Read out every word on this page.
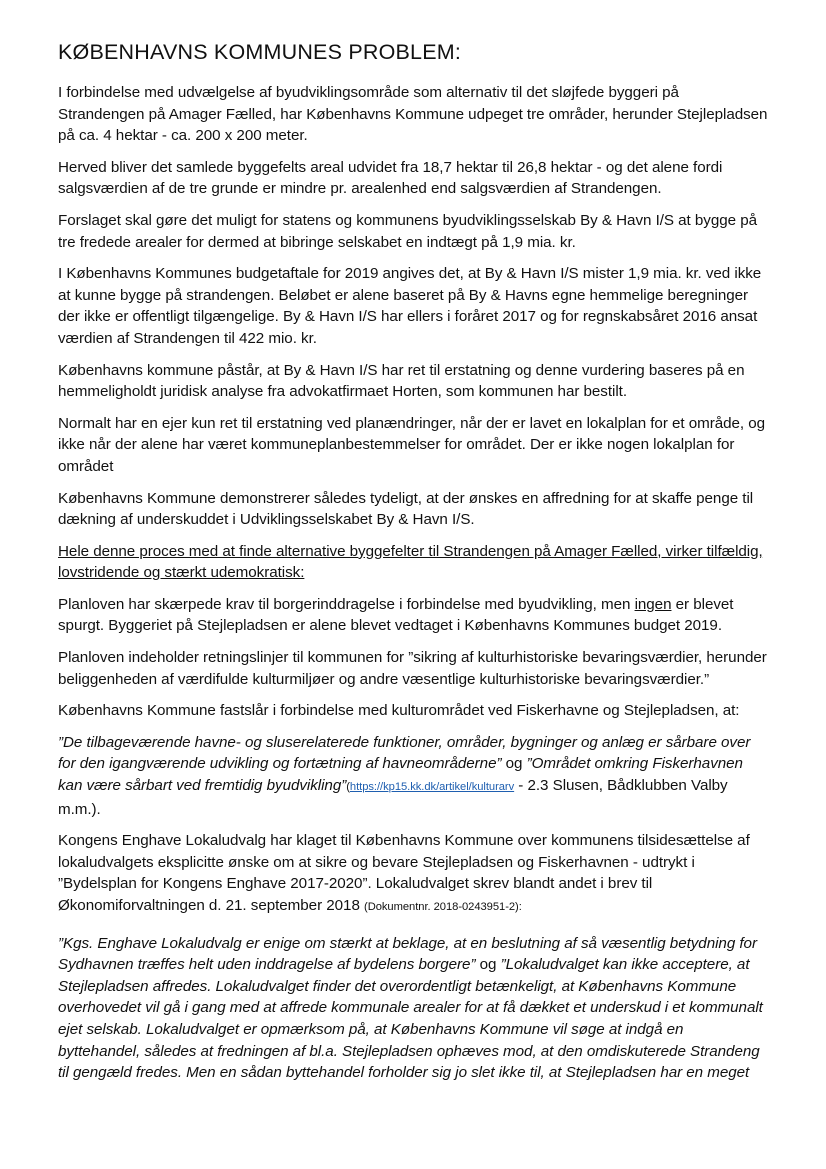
KØBENHAVNS KOMMUNES PROBLEM:

I forbindelse med udvælgelse af byudviklingsområde som alternativ til det sløjfede byggeri på Strandengen på Amager Fælled, har Københavns Kommune udpeget tre områder, herunder Stejlepladsen på ca. 4 hektar - ca. 200 x 200 meter.

Herved bliver det samlede byggefelts areal udvidet fra 18,7 hektar til 26,8 hektar - og det alene fordi salgsværdien af de tre grunde er mindre pr. arealenhed end salgsværdien af Strandengen.

Forslaget skal gøre det muligt for statens og kommunens byudviklingsselskab By & Havn I/S at bygge på tre fredede arealer for dermed at bibringe selskabet en indtægt på 1,9 mia. kr.

I Københavns Kommunes budgetaftale for 2019 angives det, at By & Havn I/S mister 1,9 mia. kr. ved ikke at kunne bygge på strandengen. Beløbet er alene baseret på By & Havns egne hemmelige beregninger der ikke er offentligt tilgængelige. By & Havn I/S har ellers i foråret 2017 og for regnskabsåret 2016 ansat værdien af Strandengen til 422 mio. kr.

Københavns kommune påstår, at By & Havn I/S har ret til erstatning og denne vurdering baseres på en hemmeligholdt juridisk analyse fra advokatfirmaet Horten, som kommunen har bestilt.

Normalt har en ejer kun ret til erstatning ved planændringer, når der er lavet en lokalplan for et område, og ikke når der alene har været kommuneplanbestemmelser for området. Der er ikke nogen lokalplan for området

Københavns Kommune demonstrerer således tydeligt, at der ønskes en affredning for at skaffe penge til dækning af underskuddet i Udviklingsselskabet By & Havn I/S.

Hele denne proces med at finde alternative byggefelter til Strandengen på Amager Fælled, virker tilfældig, lovstridende og stærkt udemokratisk:

Planloven har skærpede krav til borgerinddragelse i forbindelse med byudvikling, men ingen er blevet spurgt. Byggeriet på Stejlepladsen er alene blevet vedtaget i Københavns Kommunes budget 2019.

Planloven indeholder retningslinjer til kommunen for ”sikring af kulturhistoriske bevaringsværdier, herunder beliggenheden af værdifulde kulturmiljøer og andre væsentlige kulturhistoriske bevaringsværdier.”

Københavns Kommune fastslår i forbindelse med kulturområdet ved Fiskerhavne og Stejlepladsen, at:

”De tilbageværende havne- og sluserelaterede funktioner, områder, bygninger og anlæg er sårbare over for den igangværende udvikling og fortætning af havneområderne” og ”Området omkring Fiskerhavnen kan være sårbart ved fremtidig byudvikling”(https://kp15.kk.dk/artikel/kulturarv - 2.3 Slusen, Bådklubben Valby m.m.).

Kongens Enghave Lokaludvalg har klaget til Københavns Kommune over kommunens tilsidesættelse af lokaludvalgets eksplicitte ønske om at sikre og bevare Stejlepladsen og Fiskerhavnen - udtrykt i ”Bydelsplan for Kongens Enghave 2017-2020”. Lokaludvalget skrev blandt andet i brev til Økonomiforvaltningen d. 21. september 2018 (Dokumentnr. 2018-0243951-2):

”Kgs. Enghave Lokaludvalg er enige om stærkt at beklage, at en beslutning af så væsentlig betydning for Sydhavnen træffes helt uden inddragelse af bydelens borgere” og ”Lokaludvalget kan ikke acceptere, at Stejlepladsen affredes. Lokaludvalget finder det overordentligt betænkeligt, at Københavns Kommune overhovedet vil gå i gang med at affrede kommunale arealer for at få dækket et underskud i et kommunalt ejet selskab. Lokaludvalget er opmærksom på, at Københavns Kommune vil søge at indgå en byttehandel, således at fredningen af bl.a. Stejlepladsen ophæves mod, at den omdiskuterede Strandeng til gengæld fredes. Men en sådan byttehandel forholder sig jo slet ikke til, at Stejlepladsen har en meget
